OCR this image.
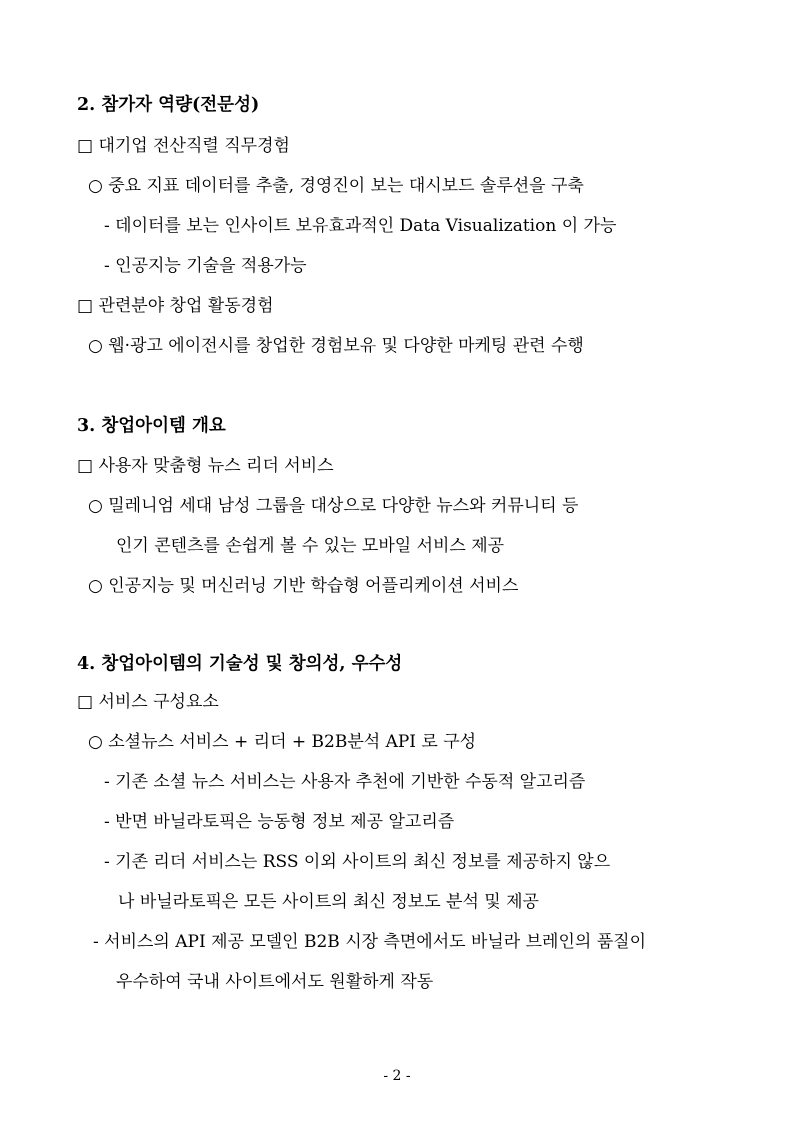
2. 참가자 역량(전문성)
□ 대기업 전산직렬 직무경험
○ 중요 지표 데이터를 추출, 경영진이 보는 대시보드 솔루션을 구축
- 데이터를 보는 인사이트 보유효과적인 Data Visualization 이 가능
- 인공지능 기술을 적용가능
□ 관련분야 창업 활동경험
○ 웹·광고 에이전시를 창업한 경험보유 및 다양한 마케팅 관련 수행
3. 창업아이템 개요
□ 사용자 맞춤형 뉴스 리더 서비스
○ 밀레니엄 세대 남성 그룹을 대상으로 다양한 뉴스와 커뮤니티 등
인기 콘텐츠를 손쉽게 볼 수 있는 모바일 서비스 제공
○ 인공지능 및 머신러닝 기반 학습형 어플리케이션 서비스
4. 창업아이템의 기술성 및 창의성, 우수성
□ 서비스 구성요소
○ 소셜뉴스 서비스 + 리더 + B2B분석 API 로 구성
- 기존 소셜 뉴스 서비스는 사용자 추천에 기반한 수동적 알고리즘
- 반면 바닐라토픽은 능동형 정보 제공 알고리즘
- 기존 리더 서비스는 RSS 이외 사이트의 최신 정보를 제공하지 않으
나 바닐라토픽은 모든 사이트의 최신 정보도 분석 및 제공
- 서비스의 API 제공 모델인 B2B 시장 측면에서도 바닐라 브레인의 품질이
우수하여 국내 사이트에서도 원활하게 작동
- 2 -
